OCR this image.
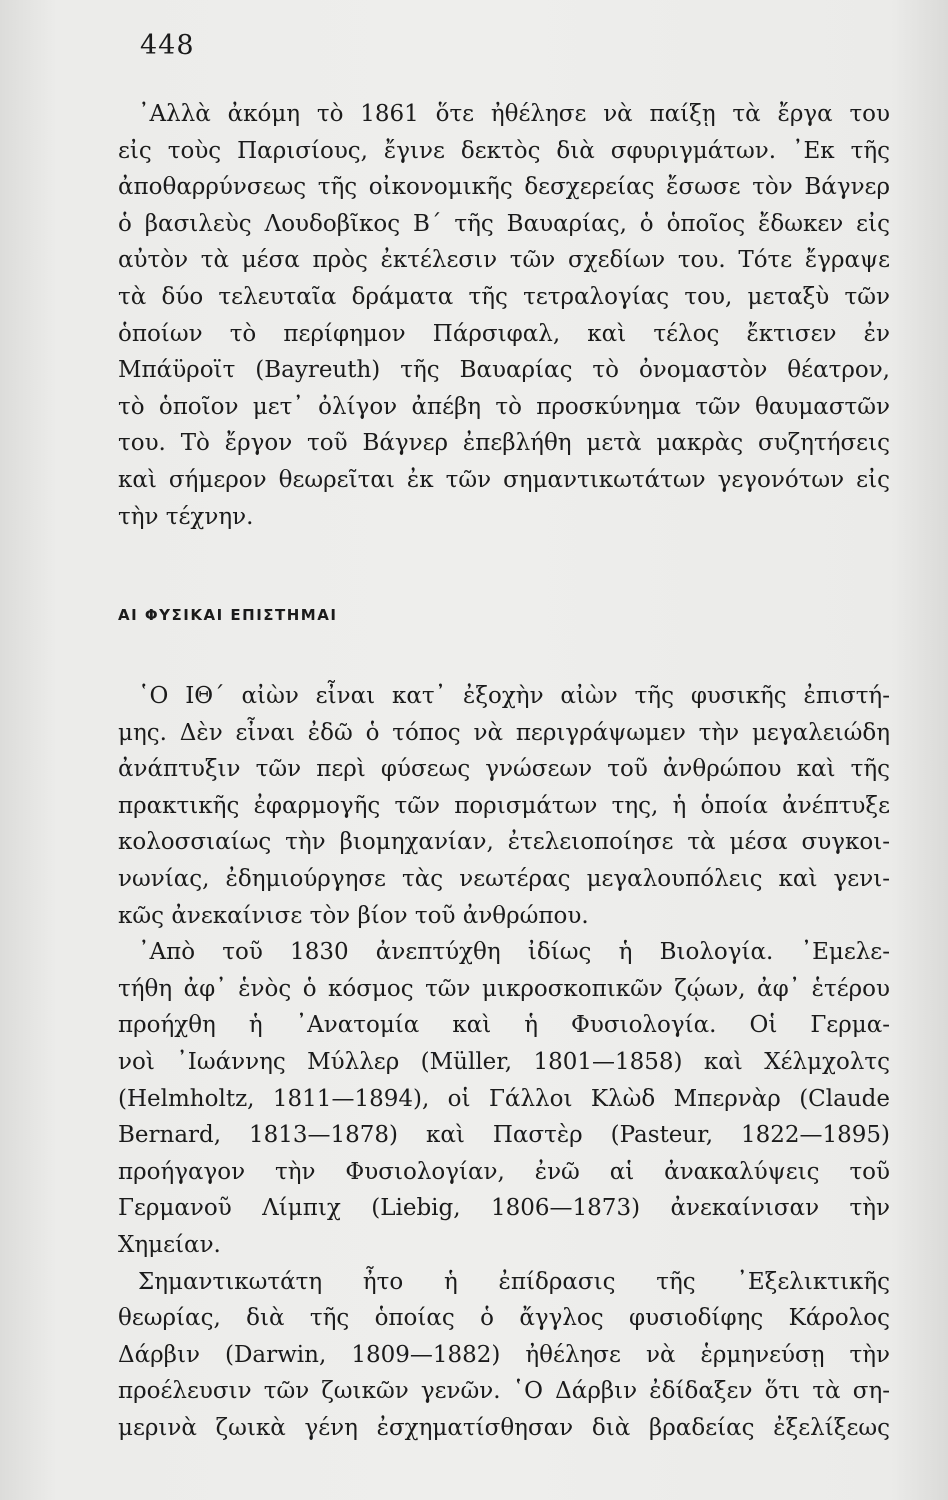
448
᾿Αλλὰ ἀκόμη τὸ 1861 ὅτε ἠθέλησε νὰ παίξῃ τὰ ἔργα του
εἰς τοὺς Παρισίους, ἔγινε δεκτὸς διὰ σφυριγμάτων. ᾿Εκ τῆς
ἀποθαρρύνσεως τῆς οἰκονομικῆς δεσχερείας ἔσωσε τὸν Βάγνερ
ὁ βασιλεὺς Λουδοβῖκος Β΄ τῆς Βαυαρίας, ὁ ὁποῖος ἔδωκεν εἰς
αὐτὸν τὰ μέσα πρὸς ἐκτέλεσιν τῶν σχεδίων του. Τότε ἔγραψε
τὰ δύο τελευταῖα δράματα τῆς τετραλογίας του, μεταξὺ τῶν
ὁποίων τὸ περίφημον Πάρσιφαλ, καὶ τέλος ἔκτισεν ἐν
Μπάϋροϊτ (Bayreuth) τῆς Βαυαρίας τὸ ὀνομαστὸν θέατρον,
τὸ ὁποῖον μετ᾿ ὀλίγον ἀπέβη τὸ προσκύνημα τῶν θαυμαστῶν
του. Τὸ ἔργον τοῦ Βάγνερ ἐπεβλήθη μετὰ μακρὰς συζητήσεις
καὶ σήμερον θεωρεῖται ἐκ τῶν σημαντικωτάτων γεγονότων εἰς
τὴν τέχνην.
ΑΙ ΦΥΣΙΚΑΙ ΕΠΙΣΤΗΜΑΙ
῾Ο ΙΘ΄ αἰὼν εἶναι κατ᾿ ἐξοχὴν αἰὼν τῆς φυσικῆς ἐπιστή-
μης. Δὲν εἶναι ἐδῶ ὁ τόπος νὰ περιγράψωμεν τὴν μεγαλειώδη
ἀνάπτυξιν τῶν περὶ φύσεως γνώσεων τοῦ ἀνθρώπου καὶ τῆς
πρακτικῆς ἐφαρμογῆς τῶν πορισμάτων της, ἡ ὁποία ἀνέπτυξε
κολοσσιαίως τὴν βιομηχανίαν, ἐτελειοποίησε τὰ μέσα συγκοι-
νωνίας, ἐδημιούργησε τὰς νεωτέρας μεγαλουπόλεις καὶ γενι-
κῶς ἀνεκαίνισε τὸν βίον τοῦ ἀνθρώπου.
᾿Απὸ τοῦ 1830 ἀνεπτύχθη ἰδίως ἡ Βιολογία. ᾿Εμελε-
τήθη ἀφ᾿ ἑνὸς ὁ κόσμος τῶν μικροσκοπικῶν ζῴων, ἀφ᾿ ἑτέρου
προήχθη ἡ ᾿Ανατομία καὶ ἡ Φυσιολογία. Οἱ Γερμα-
νοὶ ᾿Ιωάννης Μύλλερ (Müller, 1801—1858) καὶ Χέλμχολτς
(Helmholtz, 1811—1894), οἱ Γάλλοι Κλὼδ Μπερνὰρ (Claude
Bernard, 1813—1878) καὶ Παστὲρ (Pasteur, 1822—1895)
προήγαγον τὴν Φυσιολογίαν, ἐνῶ αἱ ἀνακαλύψεις τοῦ
Γερμανοῦ Λίμπιχ (Liebig, 1806—1873) ἀνεκαίνισαν τὴν
Χημείαν.
Σημαντικωτάτη ἦτο ἡ ἐπίδρασις τῆς ᾿Εξελικτικῆς
θεωρίας, διὰ τῆς ὁποίας ὁ ἄγγλος φυσιοδίφης Κάρολος
Δάρβιν (Darwin, 1809—1882) ἠθέλησε νὰ ἑρμηνεύσῃ τὴν
προέλευσιν τῶν ζωικῶν γενῶν. ῾Ο Δάρβιν ἐδίδαξεν ὅτι τὰ ση-
μερινὰ ζωικὰ γένη ἐσχηματίσθησαν διὰ βραδείας ἐξελίξεως
